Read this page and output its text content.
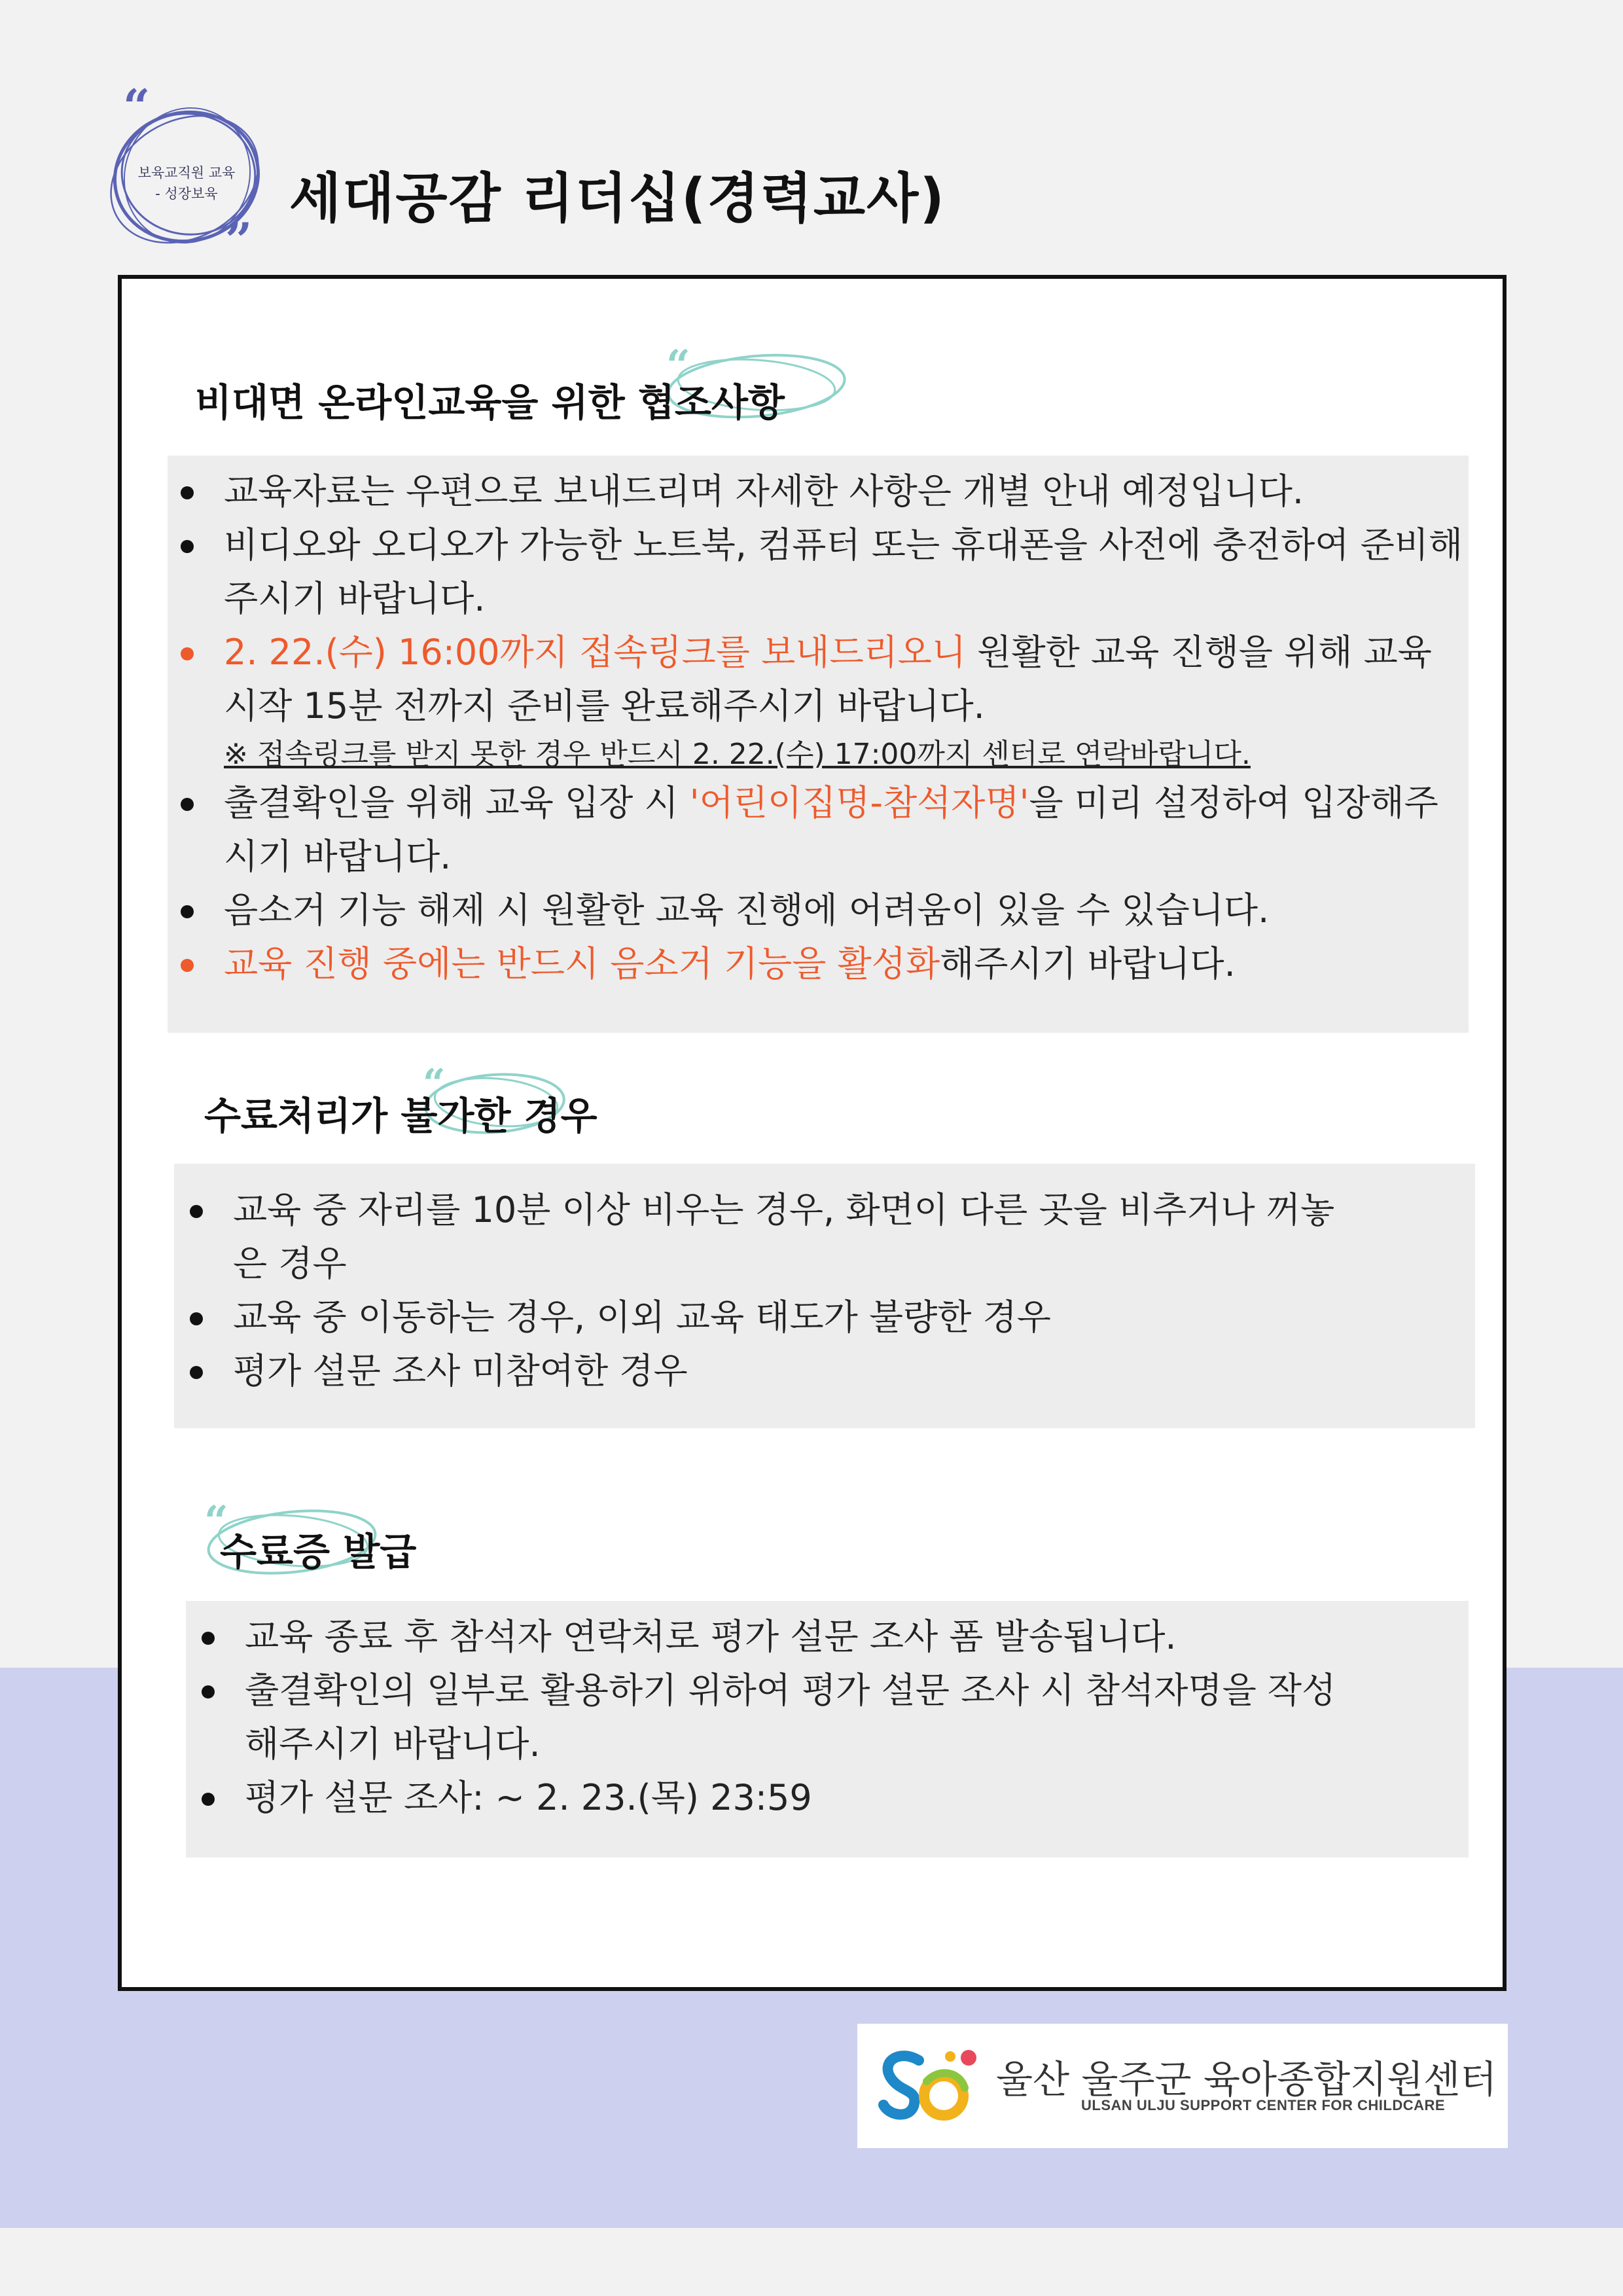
“
”
보육교직원 교육
- 성장보육	세대공감 리더십(경력교사)
“
비대면 온라인교육을 위한 협조사항
교육자료는 우편으로 보내드리며 자세한 사항은 개별 안내 예정입니다.
비디오와 오디오가 가능한 노트북, 컴퓨터 또는 휴대폰을 사전에 충전하여 준비해주시기 바랍니다.
2. 22.(수) 16:00까지 접속링크를 보내드리오니 원활한 교육 진행을 위해 교육시작 15분 전까지 준비를 완료해주시기 바랍니다.
※ 접속링크를 받지 못한 경우 반드시 2. 22.(수) 17:00까지 센터로 연락바랍니다.
출결확인을 위해 교육 입장 시 '어린이집명-참석자명'을 미리 설정하여 입장해주시기 바랍니다.
음소거 기능 해제 시 원활한 교육 진행에 어려움이 있을 수 있습니다.
교육 진행 중에는 반드시 음소거 기능을 활성화해주시기 바랍니다.
“
수료처리가 불가한 경우
교육 중 자리를 10분 이상 비우는 경우, 화면이 다른 곳을 비추거나 꺼놓은 경우
교육 중 이동하는 경우, 이외 교육 태도가 불량한 경우
평가 설문 조사 미참여한 경우
“
수료증 발급
교육 종료 후 참석자 연락처로 평가 설문 조사 폼 발송됩니다.
출결확인의 일부로 활용하기 위하여 평가 설문 조사 시 참석자명을 작성해주시기 바랍니다.
평가 설문 조사: ~ 2. 23.(목) 23:59
울산 울주군 육아종합지원센터
ULSAN ULJU SUPPORT CENTER FOR CHILDCARE
